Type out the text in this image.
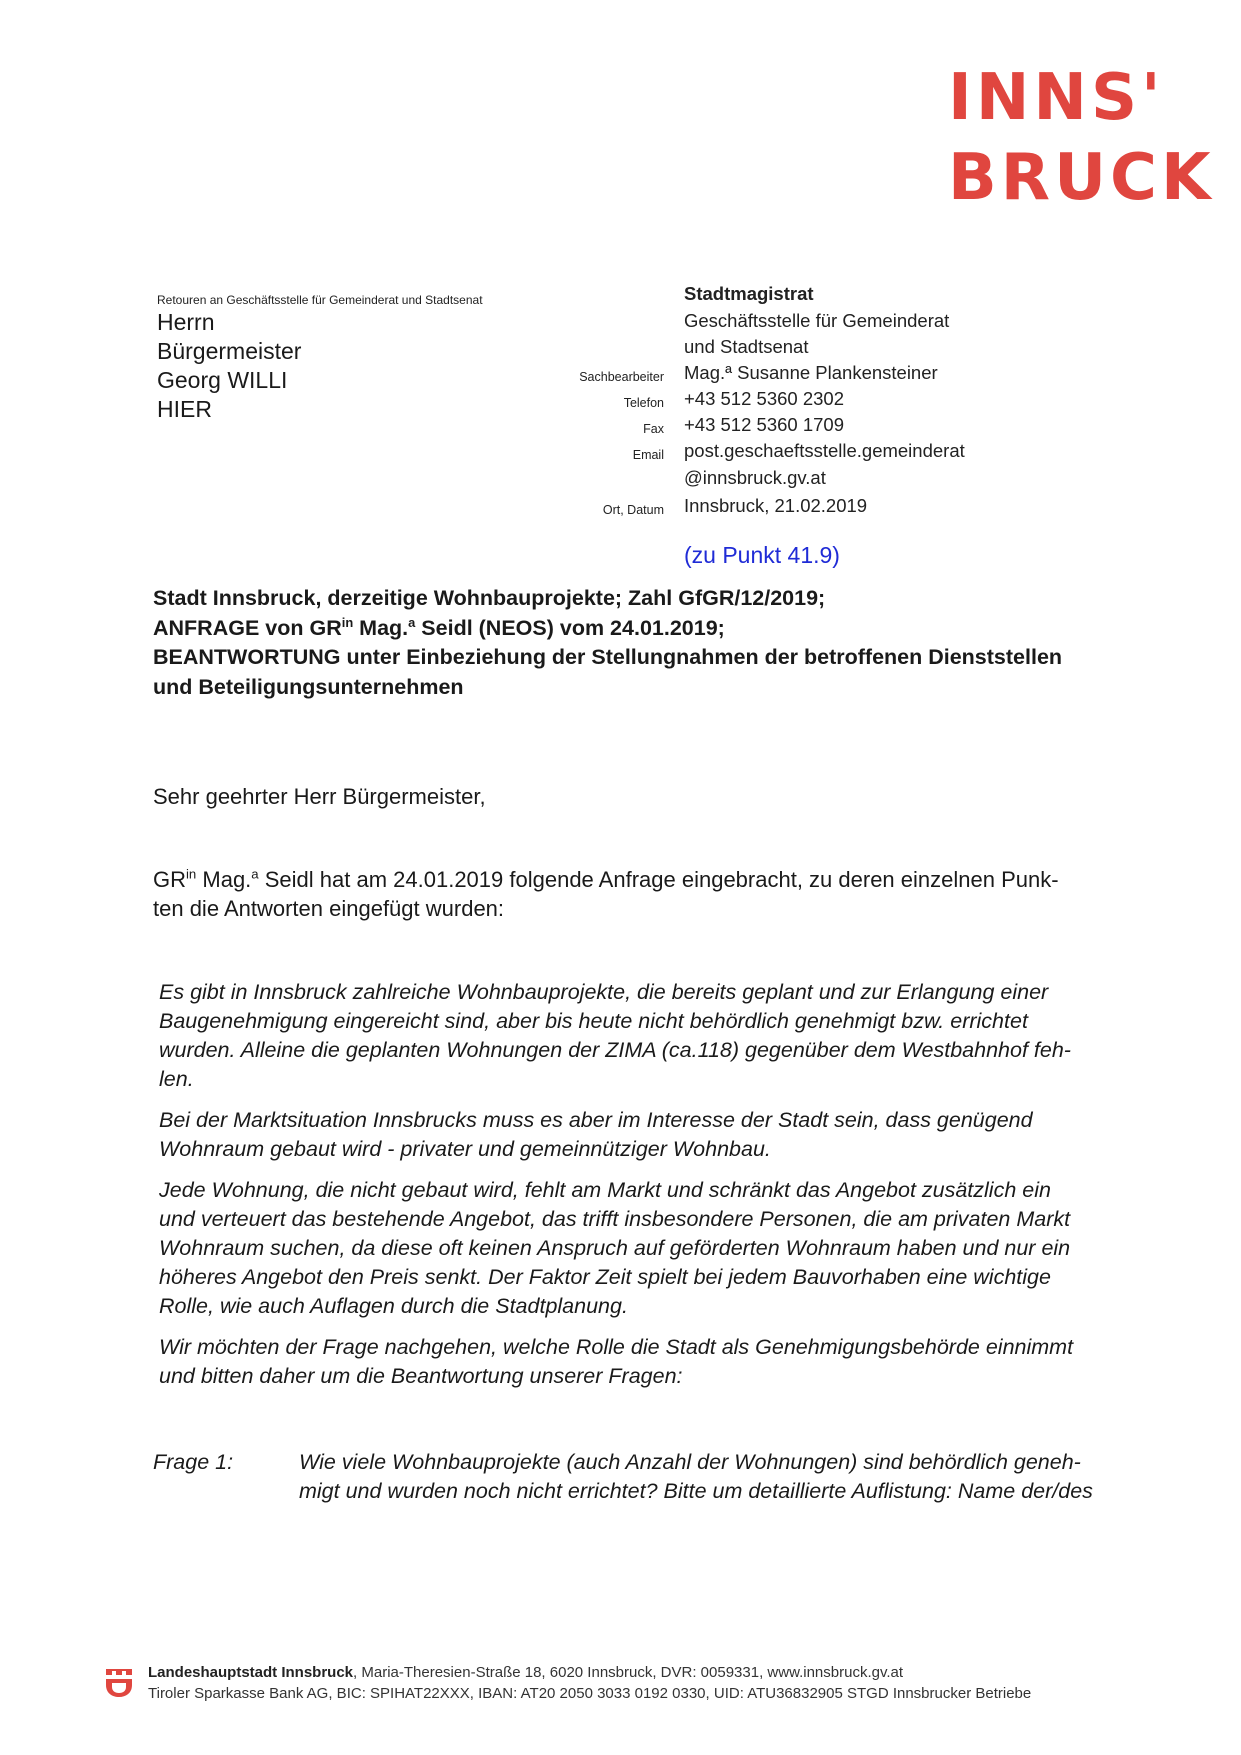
INNS'
BRUCK
Retouren an Geschäftsstelle für Gemeinderat und Stadtsenat
Herrn
Bürgermeister
Georg WILLI
HIER
Stadtmagistrat
Geschäftsstelle für Gemeinderat
und Stadtsenat
Sachbearbeiter Mag.ª Susanne Plankensteiner
Telefon +43 512 5360 2302
Fax +43 512 5360 1709
Email post.geschaeftsstelle.gemeinderat
@innsbruck.gv.at
Ort, Datum Innsbruck, 21.02.2019
(zu Punkt 41.9)
Stadt Innsbruck, derzeitige Wohnbauprojekte; Zahl GfGR/12/2019;
ANFRAGE von $GR^{in}$ Mag.$^a$ Seidl (NEOS) vom 24.01.2019;
BEANTWORTUNG unter Einbeziehung der Stellungnahmen der betroffenen Dienststellen
und Beteiligungsunternehmen
Sehr geehrter Herr Bürgermeister,
$GR^{in}$ Mag.$^a$ Seidl hat am 24.01.2019 folgende Anfrage eingebracht, zu deren einzelnen Punk-
ten die Antworten eingefügt wurden:

Es gibt in Innsbruck zahlreiche Wohnbauprojekte, die bereits geplant und zur Erlangung einer
Baugenehmigung eingereicht sind, aber bis heute nicht behördlich genehmigt bzw. errichtet
wurden. Alleine die geplanten Wohnungen der ZIMA (ca.118) gegenüber dem Westbahnhof feh-
len.

Bei der Marktsituation Innsbrucks muss es aber im Interesse der Stadt sein, dass genügend
Wohnraum gebaut wird - privater und gemeinnütziger Wohnbau.

Jede Wohnung, die nicht gebaut wird, fehlt am Markt und schränkt das Angebot zusätzlich ein
und verteuert das bestehende Angebot, das trifft insbesondere Personen, die am privaten Markt
Wohnraum suchen, da diese oft keinen Anspruch auf geförderten Wohnraum haben und nur ein
höheres Angebot den Preis senkt. Der Faktor Zeit spielt bei jedem Bauvorhaben eine wichtige
Rolle, wie auch Auflagen durch die Stadtplanung.

Wir möchten der Frage nachgehen, welche Rolle die Stadt als Genehmigungsbehörde einnimmt
und bitten daher um die Beantwortung unserer Fragen:

Frage 1:	Wie viele Wohnbauprojekte (auch Anzahl der Wohnungen) sind behördlich geneh-
migt und wurden noch nicht errichtet? Bitte um detaillierte Auflistung: Name der/des
Landeshauptstadt Innsbruck, Maria-Theresien-Straße 18, 6020 Innsbruck, DVR: 0059331, www.innsbruck.gv.at
Tiroler Sparkasse Bank AG, BIC: SPIHAT22XXX, IBAN: AT20 2050 3033 0192 0330, UID: ATU36832905 STGD Innsbrucker Betriebe
